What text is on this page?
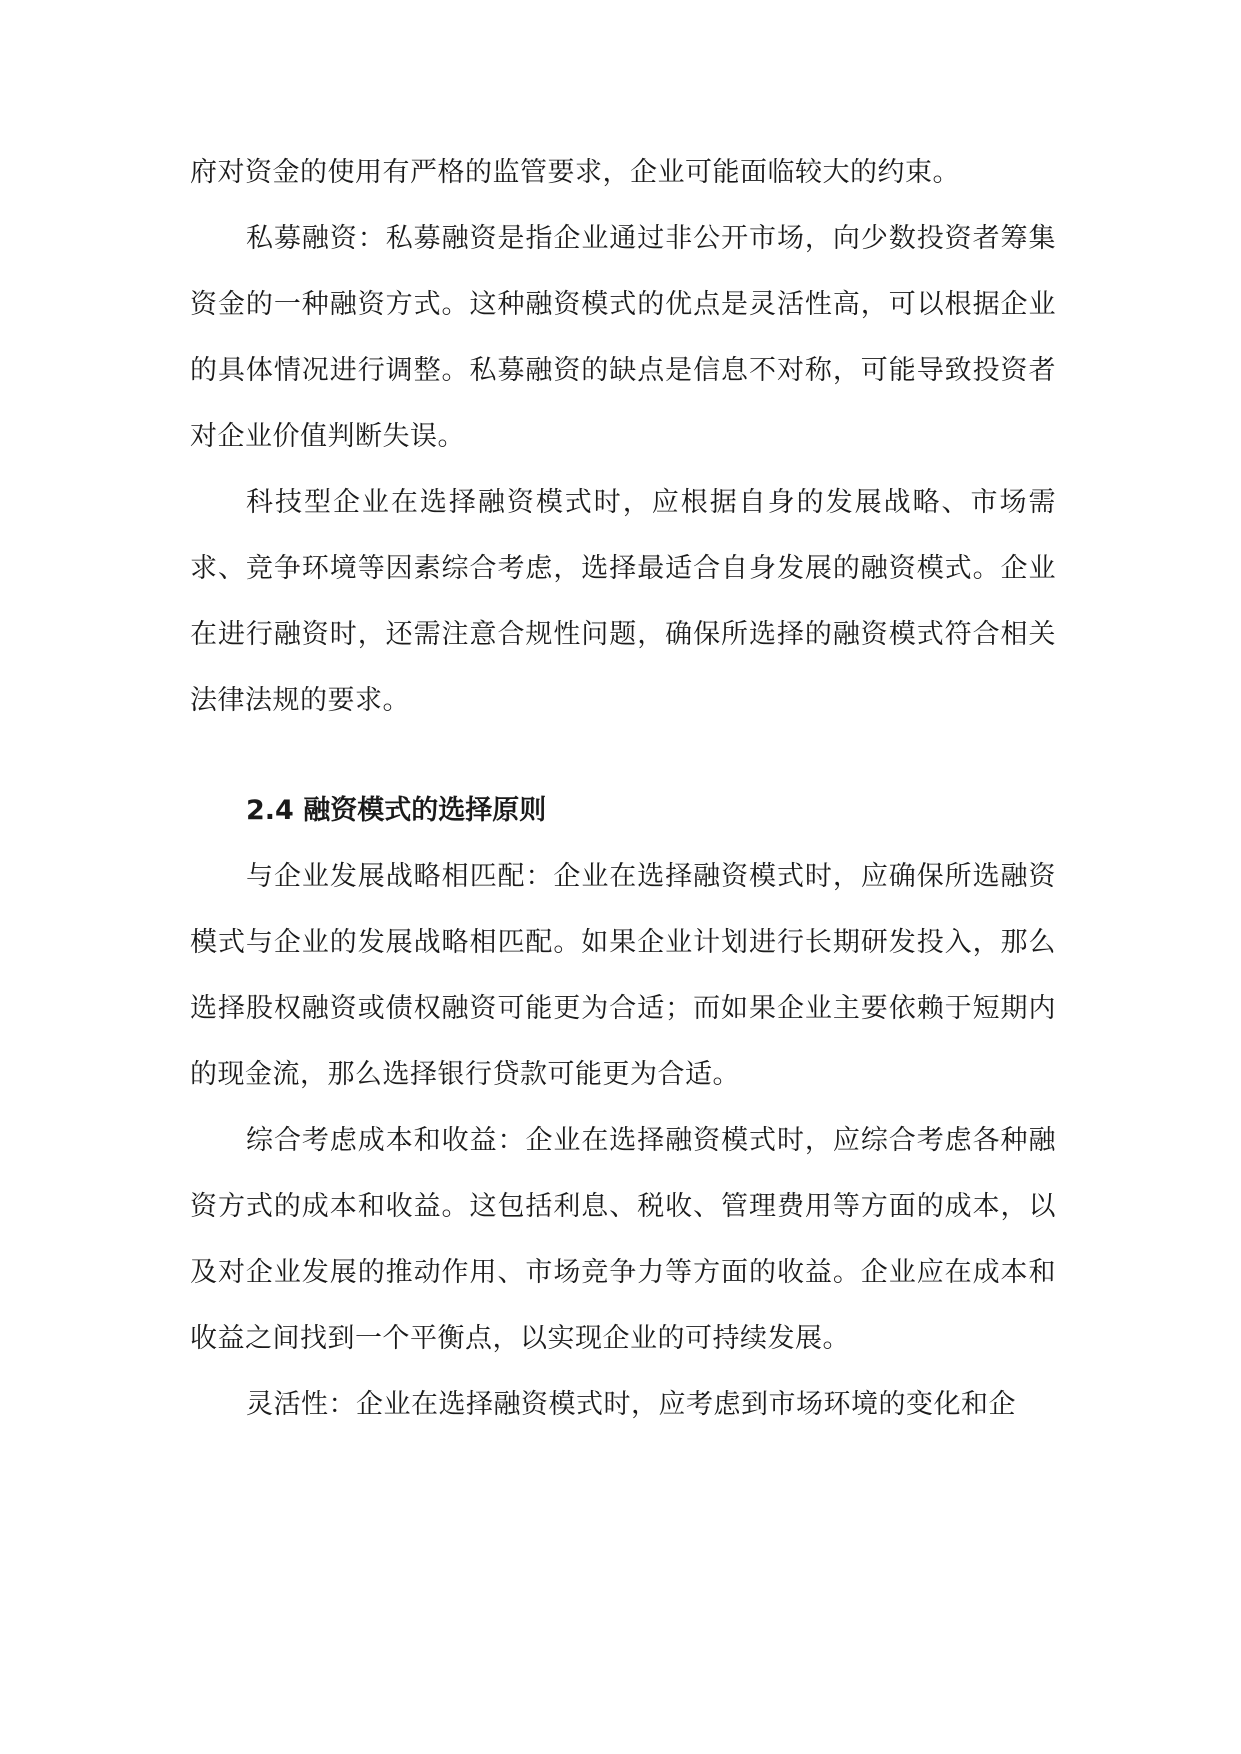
府对资金的使用有严格的监管要求，企业可能面临较大的约束。

私募融资：私募融资是指企业通过非公开市场，向少数投资者筹集资金的一种融资方式。这种融资模式的优点是灵活性高，可以根据企业的具体情况进行调整。私募融资的缺点是信息不对称，可能导致投资者对企业价值判断失误。

科技型企业在选择融资模式时，应根据自身的发展战略、市场需求、竞争环境等因素综合考虑，选择最适合自身发展的融资模式。企业在进行融资时，还需注意合规性问题，确保所选择的融资模式符合相关法律法规的要求。

2.4 融资模式的选择原则

与企业发展战略相匹配：企业在选择融资模式时，应确保所选融资模式与企业的发展战略相匹配。如果企业计划进行长期研发投入，那么选择股权融资或债权融资可能更为合适；而如果企业主要依赖于短期内的现金流，那么选择银行贷款可能更为合适。

综合考虑成本和收益：企业在选择融资模式时，应综合考虑各种融资方式的成本和收益。这包括利息、税收、管理费用等方面的成本，以及对企业发展的推动作用、市场竞争力等方面的收益。企业应在成本和收益之间找到一个平衡点，以实现企业的可持续发展。

灵活性：企业在选择融资模式时，应考虑到市场环境的变化和企
